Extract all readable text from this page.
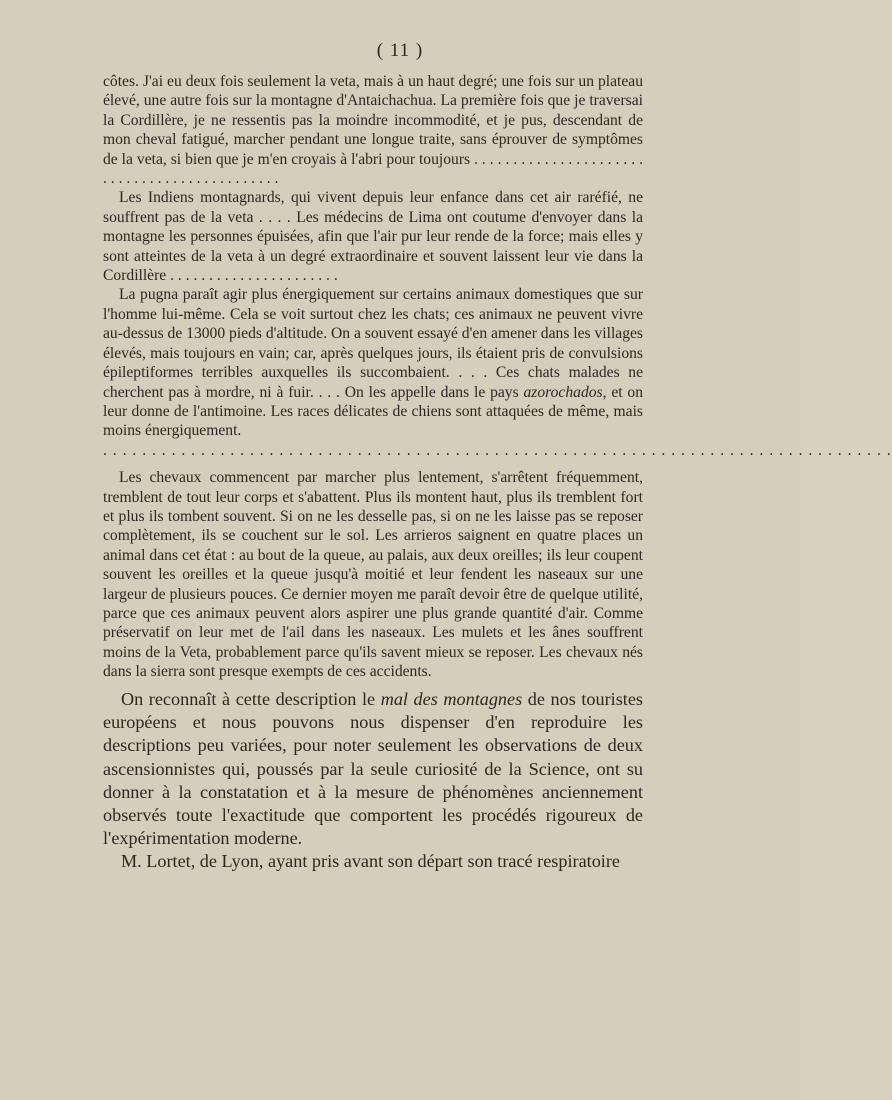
( 11 )

côtes. J'ai eu deux fois seulement la veta, mais à un haut degré; une fois sur un plateau élevé, une autre fois sur la montagne d'Antaichachua. La première fois que je traversai la Cordillère, je ne ressentis pas la moindre incommodité, et je pus, descendant de mon cheval fatigué, marcher pendant une longue traite, sans éprouver de symptômes de la veta, si bien que je m'en croyais à l'abri pour toujours . . . . . . . . . . . . . . . . . . . . . . . . . . . . . . . . . . . . . . . . . . . . .

Les Indiens montagnards, qui vivent depuis leur enfance dans cet air raréfié, ne souffrent pas de la veta . . . . Les médecins de Lima ont coutume d'envoyer dans la montagne les personnes épuisées, afin que l'air pur leur rende de la force; mais elles y sont atteintes de la veta à un degré extraordinaire et souvent laissent leur vie dans la Cordillère . . . . . . . . . . . . . . . . . . . . . .

La pugna paraît agir plus énergiquement sur certains animaux domestiques que sur l'homme lui-même. Cela se voit surtout chez les chats; ces animaux ne peuvent vivre au-dessus de 13000 pieds d'altitude. On a souvent essayé d'en amener dans les villages élevés, mais toujours en vain; car, après quelques jours, ils étaient pris de convulsions épileptiformes terribles auxquelles ils succombaient. . . . Ces chats malades ne cherchent pas à mordre, ni à fuir. . . . On les appelle dans le pays azorochados, et on leur donne de l'antimoine. Les races délicates de chiens sont attaquées de même, mais moins énergiquement.

. . . . . . . . . . . . . . . . . . . . . . . . . . . . . . . . . . . . . . . . . . . . . . . . . . . . . . . . . . . . . . . . . . . . . . . . . . . . . . . . .

Les chevaux commencent par marcher plus lentement, s'arrêtent fréquemment, tremblent de tout leur corps et s'abattent. Plus ils montent haut, plus ils tremblent fort et plus ils tombent souvent. Si on ne les desselle pas, si on ne les laisse pas se reposer complètement, ils se couchent sur le sol. Les arrieros saignent en quatre places un animal dans cet état : au bout de la queue, au palais, aux deux oreilles; ils leur coupent souvent les oreilles et la queue jusqu'à moitié et leur fendent les naseaux sur une largeur de plusieurs pouces. Ce dernier moyen me paraît devoir être de quelque utilité, parce que ces animaux peuvent alors aspirer une plus grande quantité d'air. Comme préservatif on leur met de l'ail dans les naseaux. Les mulets et les ânes souffrent moins de la Veta, probablement parce qu'ils savent mieux se reposer. Les chevaux nés dans la sierra sont presque exempts de ces accidents.

On reconnaît à cette description le mal des montagnes de nos touristes européens et nous pouvons nous dispenser d'en reproduire les descriptions peu variées, pour noter seulement les observations de deux ascensionnistes qui, poussés par la seule curiosité de la Science, ont su donner à la constatation et à la mesure de phénomènes anciennement observés toute l'exactitude que comportent les procédés rigoureux de l'expérimentation moderne.

M. Lortet, de Lyon, ayant pris avant son départ son tracé respiratoire
